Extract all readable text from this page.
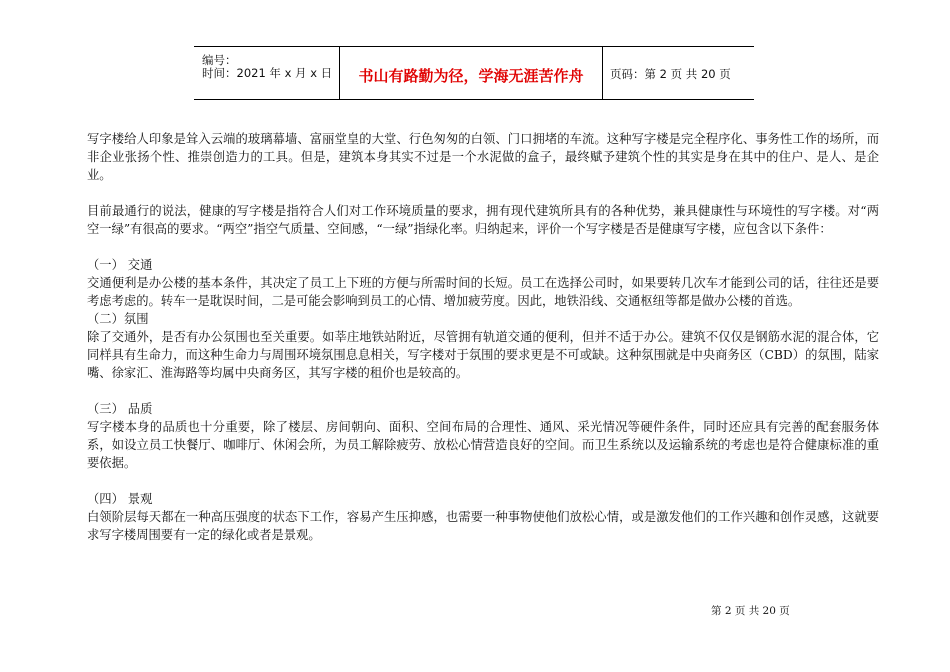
编号：
时间：2021 年 x 月 x 日	书山有路勤为径，学海无涯苦作舟	页码：第 2 页 共 20 页

写字楼给人印象是耸入云端的玻璃幕墙、富丽堂皇的大堂、行色匆匆的白领、门口拥堵的车流。这种写字楼是完全程序化、事务性工作的场所，而非企业张扬个性、推崇创造力的工具。但是，建筑本身其实不过是一个水泥做的盒子，最终赋予建筑个性的其实是身在其中的住户、是人、是企业。

目前最通行的说法，健康的写字楼是指符合人们对工作环境质量的要求，拥有现代建筑所具有的各种优势，兼具健康性与环境性的写字楼。对“两空一绿”有很高的要求。“两空”指空气质量、空间感，“一绿”指绿化率。归纳起来，评价一个写字楼是否是健康写字楼，应包含以下条件：

（一） 交通

交通便利是办公楼的基本条件，其决定了员工上下班的方便与所需时间的长短。员工在选择公司时，如果要转几次车才能到公司的话，往往还是要考虑考虑的。转车一是耽误时间，二是可能会影响到员工的心情、增加疲劳度。因此，地铁沿线、交通枢纽等都是做办公楼的首选。

（二）氛围

除了交通外，是否有办公氛围也至关重要。如莘庄地铁站附近，尽管拥有轨道交通的便利，但并不适于办公。建筑不仅仅是钢筋水泥的混合体，它同样具有生命力，而这种生命力与周围环境氛围息息相关，写字楼对于氛围的要求更是不可或缺。这种氛围就是中央商务区（CBD）的氛围，陆家嘴、徐家汇、淮海路等均属中央商务区，其写字楼的租价也是较高的。

（三） 品质

写字楼本身的品质也十分重要，除了楼层、房间朝向、面积、空间布局的合理性、通风、采光情况等硬件条件，同时还应具有完善的配套服务体系，如设立员工快餐厅、咖啡厅、休闲会所，为员工解除疲劳、放松心情营造良好的空间。而卫生系统以及运输系统的考虑也是符合健康标准的重要依据。

（四） 景观

白领阶层每天都在一种高压强度的状态下工作，容易产生压抑感，也需要一种事物使他们放松心情，或是激发他们的工作兴趣和创作灵感，这就要求写字楼周围要有一定的绿化或者是景观。

第 2 页 共 20 页
